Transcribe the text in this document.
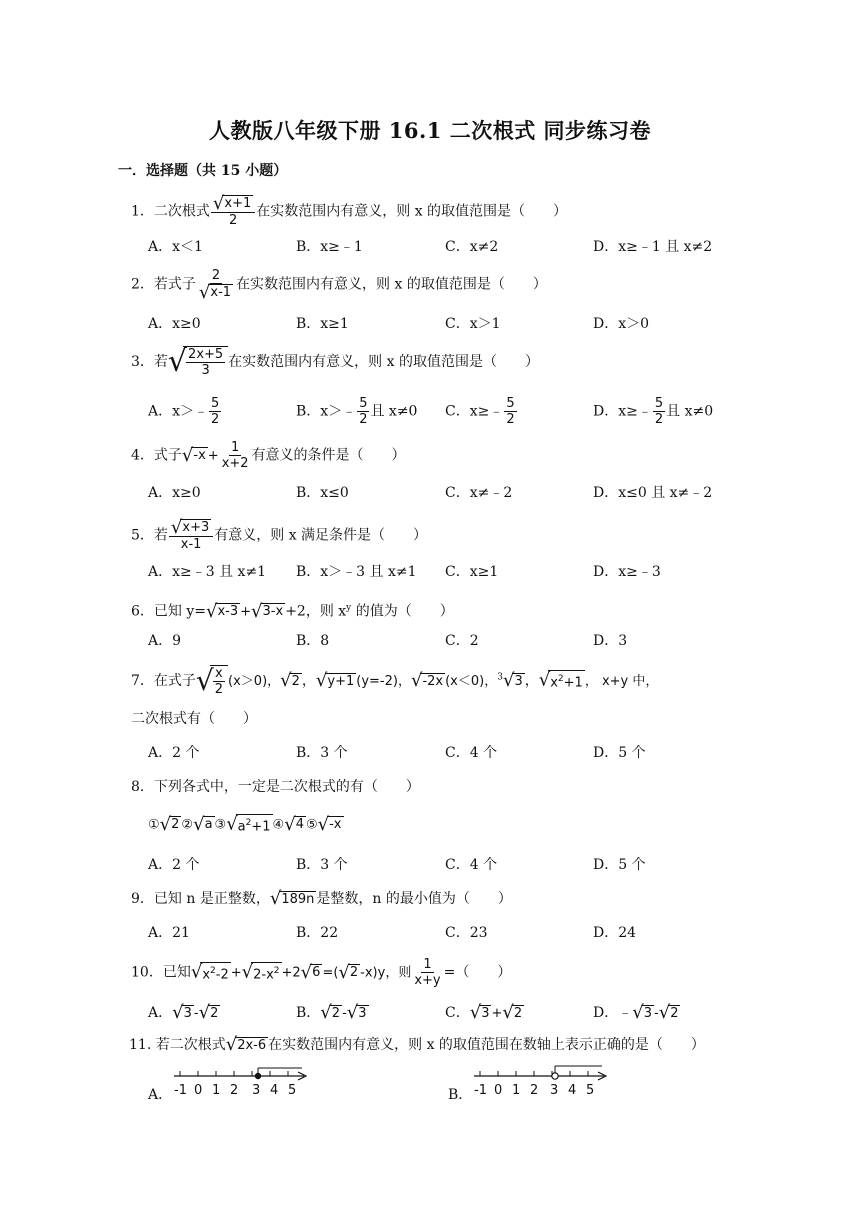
人教版八年级下册 16.1 二次根式 同步练习卷
一．选择题（共 15 小题）
1．二次根式 $\frac{√x+1}{2}$ 在实数范围内有意义，则 x 的取值范围是（　　）
A．x＜1	B．x≥﹣1	C．x≠2	D．x≥﹣1 且 x≠2
2．若式子 $\frac{2}{√x-1}$ 在实数范围内有意义，则 x 的取值范围是（　　）
A．x≥0	B．x≥1	C．x＞1	D．x＞0
3．若√ $\frac{2x+5}{3}$ 在实数范围内有意义，则 x 的取值范围是（　　）
A．x＞﹣ $\frac{5}{2}$	B．x＞﹣ $\frac{5}{2}$ 且 x≠0 C．x≥﹣ $\frac{5}{2}$	D．x≥﹣ $\frac{5}{2}$ 且 x≠0
4．式子$√-x + \frac{1}{x+2}$ 有意义的条件是（　　）
A．x≥0	B．x≤0	C．x≠﹣2	D．x≤0 且 x≠﹣2
5．若 $\frac{√x+3}{x-1}$ 有意义，则 x 满足条件是（　　）
A．x≥﹣3 且 x≠1 B．x＞﹣3 且 x≠1 C．x≥1	D．x≥﹣3
6．已知 y=√x-3 +√3-x +2，则 $x^y$ 的值为（　　）
A．9	B．8	C．2	D．3
7．在式子√ $\frac{x}{2} (x>0)$，√2 ，√y+1 (y=-2)，√-2x (x＜0)，$^3$√3 ，$√x^2+1$ ， x+y 中，
二次根式有（　　）
A．2 个	B．3 个	C．4 个	D．5 个
8．下列各式中，一定是二次根式的有（　　）
①√2 ②√a $③√a^2+1$ ④√4 ⑤√-x
A．2 个	B．3 个	C．4 个	D．5 个
9．已知 n 是正整数，√189n 是整数，n 的最小值为（　　）
A．21	B．22	C．23	D．24
10．已知$√x^2-2 +√2-x^2 +2√6 =(√2$ -x)y，则 $\frac{1}{x+y}$ =（　　）
A．√3 -√2	B．√2 -√3	C．√3 +√2	D．﹣√3 -√2
11. 若二次根式√2x-6 在实数范围内有意义，则 x 的取值范围在数轴上表示正确的是（　　）
A．	B．
-1 0 1 2 3 4 5	-1 0 1 2 3 4 5
